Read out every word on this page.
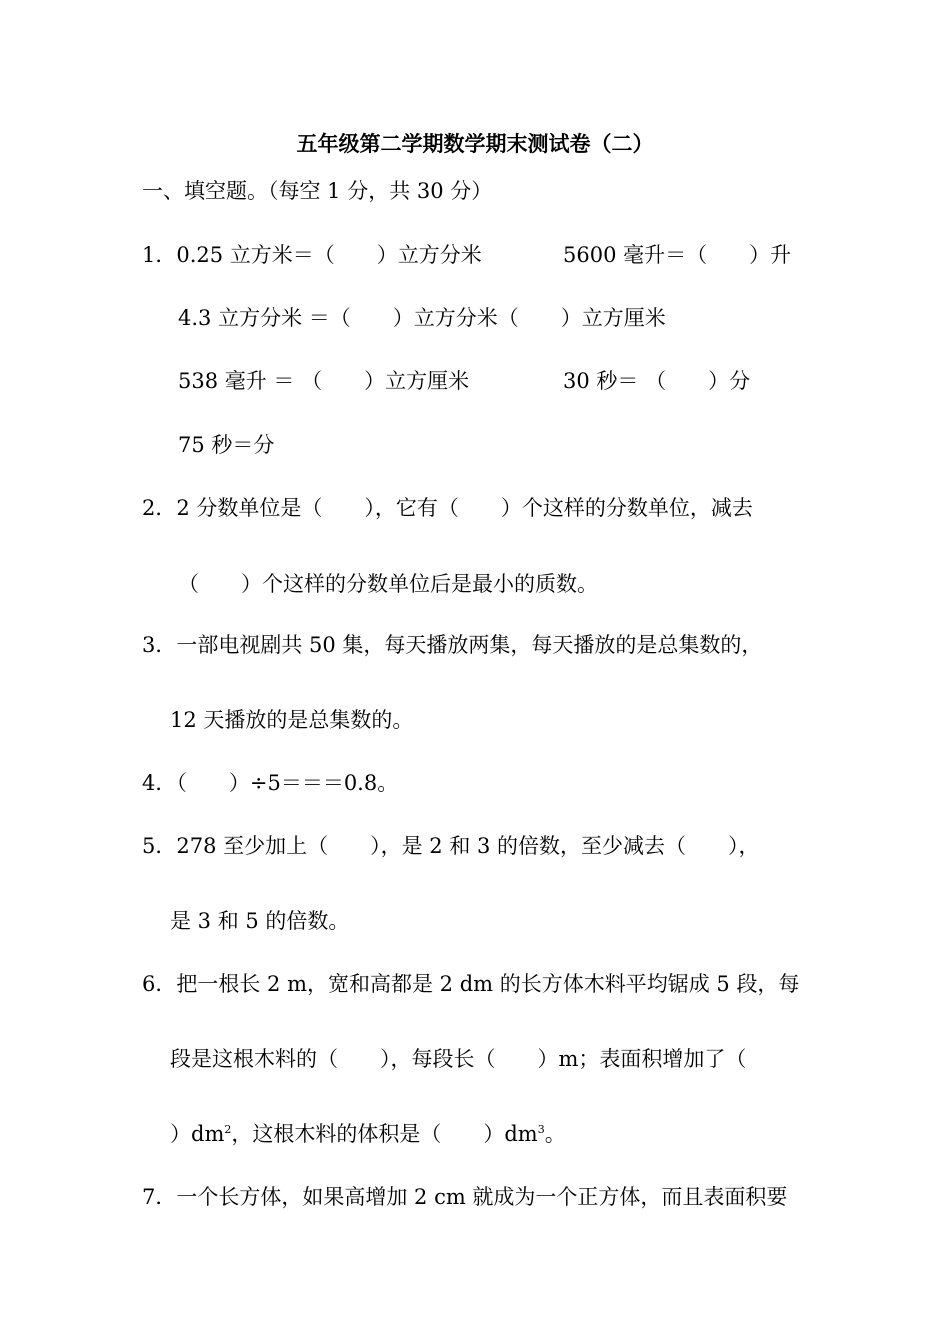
五年级第二学期数学期末测试卷（二）
一、填空题。（每空 1 分，共 30 分）
1．0.25 立方米＝（　　）立方分米	5600 毫升＝（　　）升
4.3 立方分米 ＝（　　）立方分米（　　）立方厘米
538 毫升 ＝ （　　）立方厘米	30 秒＝ （　　）分
75 秒＝分
2．2 分数单位是（　　），它有（　　）个这样的分数单位，减去
（　　）个这样的分数单位后是最小的质数。
3．一部电视剧共 50 集，每天播放两集，每天播放的是总集数的，
12 天播放的是总集数的。
4．（　　）÷5＝＝＝0.8。
5．278 至少加上（　　），是 2 和 3 的倍数，至少减去（　　），
是 3 和 5 的倍数。
6．把一根长 2 m，宽和高都是 2 dm 的长方体木料平均锯成 5 段，每
段是这根木料的（　　），每段长（　　）m；表面积增加了（
）$dm^2$，这根木料的体积是（　　）$dm^3$。
7．一个长方体，如果高增加 2 cm 就成为一个正方体，而且表面积要
